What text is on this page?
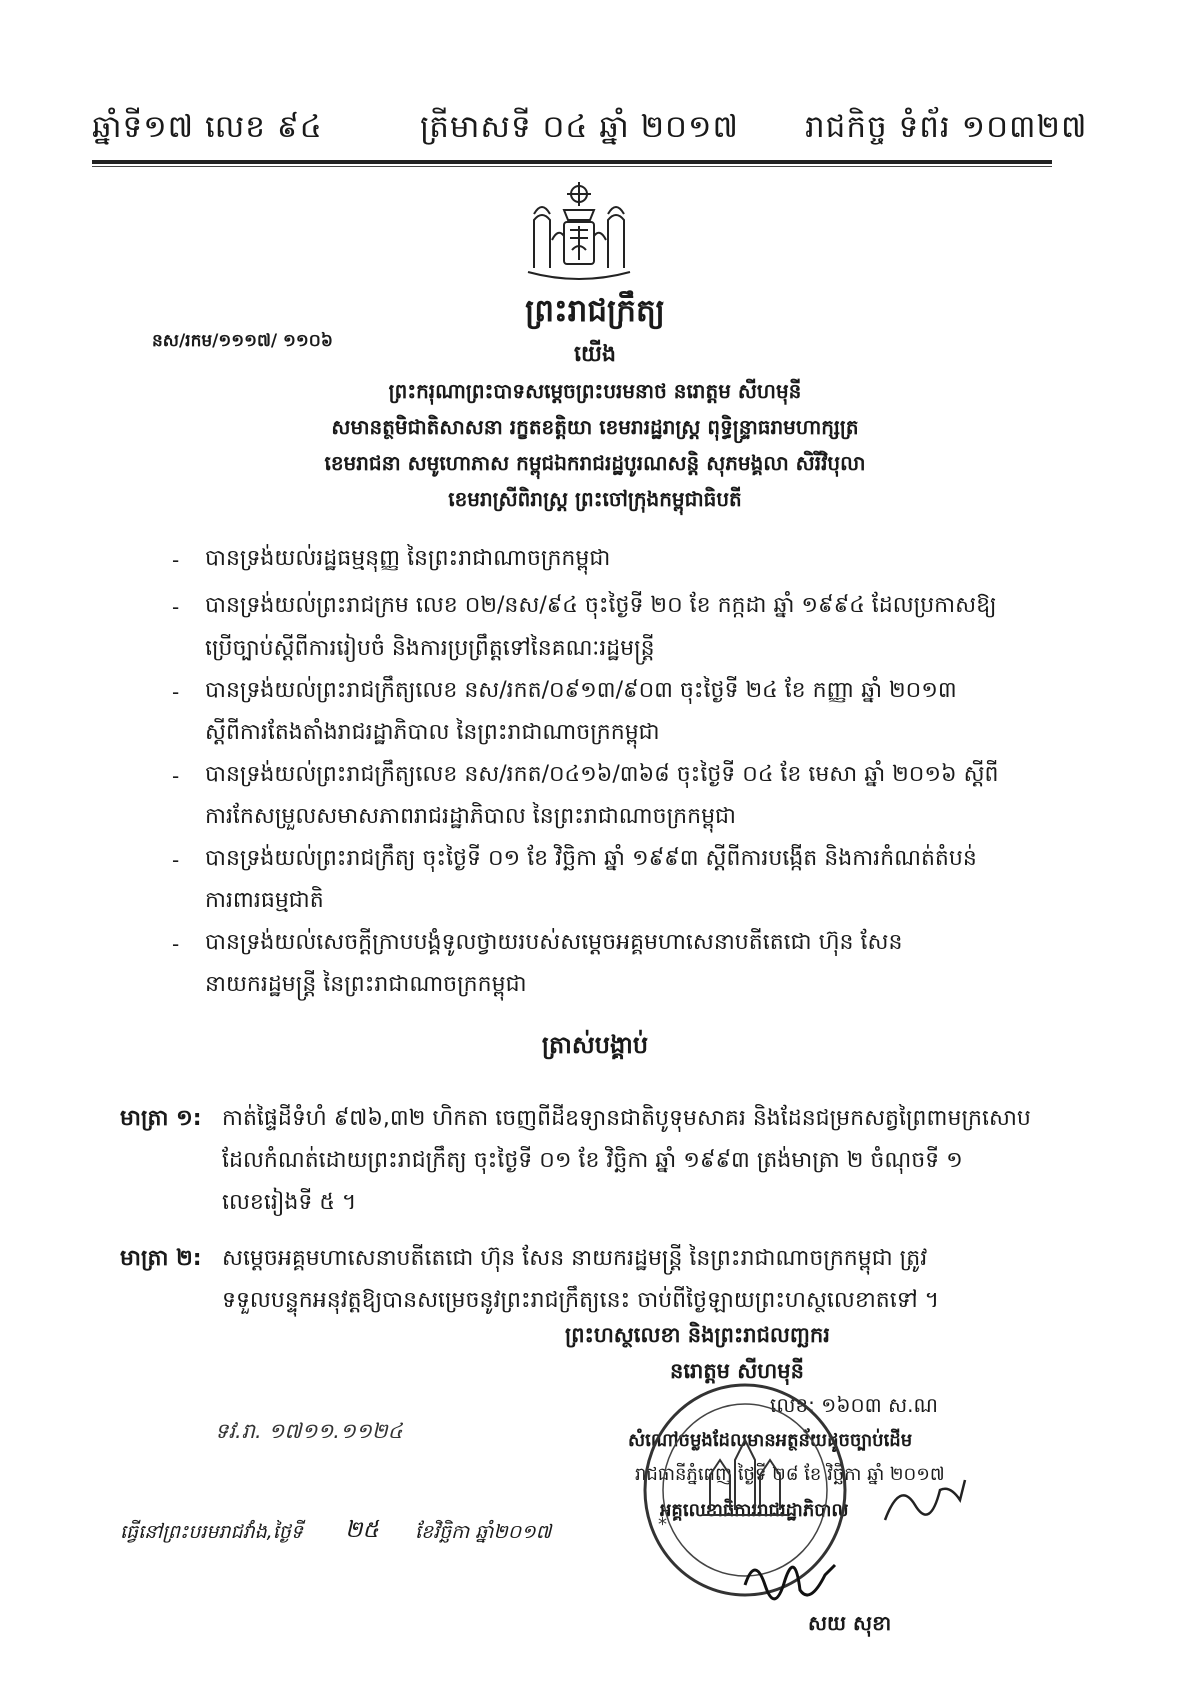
ឆ្នាំទី១៧ លេខ ៩៤	ត្រីមាសទី ០៤ ឆ្នាំ ២០១៧ រាជកិច្ច ទំព័រ ១០៣២៧
នស/រកម/១១១៧/ ១១០៦
ព្រះរាជក្រឹត្យ
យើង
ព្រះករុណាព្រះបាទសម្ដេចព្រះបរមនាថ នរោត្តម សីហមុនី
សមានត្ថមិជាតិសាសនា រក្ខតខត្តិយា ខេមរារដ្ឋរាស្ត្រ ពុទ្ធិន្ទ្រាធរាមហាក្សត្រ
ខេមរាជនា សមូហោភាស កម្ពុជឯករាជរដ្ឋបូរណសន្តិ សុភមង្គលា សិរីវិបុលា
ខេមរាស្រីពិរាស្ត្រ ព្រះចៅក្រុងកម្ពុជាធិបតី
- បានទ្រង់យល់រដ្ឋធម្មនុញ្ញ នៃព្រះរាជាណាចក្រកម្ពុជា
- បានទ្រង់យល់ព្រះរាជក្រម លេខ ០២/នស/៩៤ ចុះថ្ងៃទី ២០ ខែ កក្កដា ឆ្នាំ ១៩៩៤ ដែលប្រកាសឱ្យ
ប្រើច្បាប់ស្ដីពីការរៀបចំ និងការប្រព្រឹត្តទៅនៃគណៈរដ្ឋមន្ត្រី
- បានទ្រង់យល់ព្រះរាជក្រឹត្យលេខ នស/រកត/០៩១៣/៩០៣ ចុះថ្ងៃទី ២៤ ខែ កញ្ញា ឆ្នាំ ២០១៣
ស្ដីពីការតែងតាំងរាជរដ្ឋាភិបាល នៃព្រះរាជាណាចក្រកម្ពុជា
- បានទ្រង់យល់ព្រះរាជក្រឹត្យលេខ នស/រកត/០៤១៦/៣៦៨ ចុះថ្ងៃទី ០៤ ខែ មេសា ឆ្នាំ ២០១៦ ស្ដីពី
ការកែសម្រួលសមាសភាពរាជរដ្ឋាភិបាល នៃព្រះរាជាណាចក្រកម្ពុជា
- បានទ្រង់យល់ព្រះរាជក្រឹត្យ ចុះថ្ងៃទី ០១ ខែ វិច្ឆិកា ឆ្នាំ ១៩៩៣ ស្ដីពីការបង្កើត និងការកំណត់តំបន់
ការពារធម្មជាតិ
- បានទ្រង់យល់សេចក្ដីក្រាបបង្គំទូលថ្វាយរបស់សម្ដេចអគ្គមហាសេនាបតីតេជោ ហ៊ុន សែន
នាយករដ្ឋមន្ត្រី នៃព្រះរាជាណាចក្រកម្ពុជា
ត្រាស់បង្គាប់
មាត្រា ១: កាត់ផ្ទៃដីទំហំ ៩៧៦,៣២ ហិកតា ចេញពីដីឧទ្យានជាតិបូទុមសាគរ និងដែនជម្រកសត្វព្រៃពាមក្រសោប
ដែលកំណត់ដោយព្រះរាជក្រឹត្យ ចុះថ្ងៃទី ០១ ខែ វិច្ឆិកា ឆ្នាំ ១៩៩៣ ត្រង់មាត្រា ២ ចំណុចទី ១
លេខរៀងទី ៥ ។
មាត្រា ២: សម្ដេចអគ្គមហាសេនាបតីតេជោ ហ៊ុន សែន នាយករដ្ឋមន្ត្រី នៃព្រះរាជាណាចក្រកម្ពុជា ត្រូវ
ទទួលបន្ទុកអនុវត្តឱ្យបានសម្រេចនូវព្រះរាជក្រឹត្យនេះ ចាប់ពីថ្ងៃឡាយព្រះហស្ថលេខាតទៅ ។
ព្រះហស្ថលេខា និងព្រះរាជលញ្ឆករ
នរោត្តម សីហមុនី
លេខ: ១៦០៣ ស.ណ
សំណៅចម្លងដែលមានអត្ថន័យដូចច្បាប់ដើម
រាជធានីភ្នំពេញ ថ្ងៃទី ២៨ ខែ វិច្ឆិកា ឆ្នាំ ២០១៧
អគ្គលេខាធិការរាជរដ្ឋាភិបាល
*
សយ សុខា
ទវ.រា. ១៧១១.១១២៤
ធ្វើនៅព្រះបរមរាជវាំង,ថ្ងៃទី ២៥ ខែវិច្ឆិកា ឆ្នាំ២០១៧
